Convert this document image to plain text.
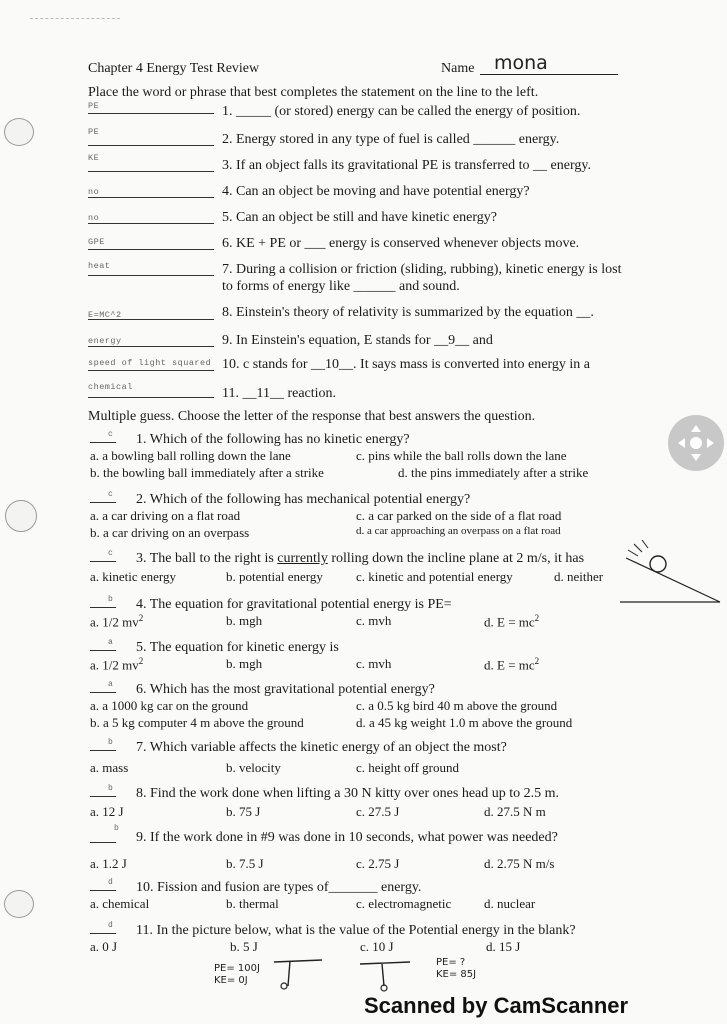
Chapter 4 Energy Test Review	Name	mona
Place the word or phrase that best completes the statement on the line to the left.
PE	1. _____ (or stored) energy can be called the energy of position.
PE	2. Energy stored in any type of fuel is called ______ energy.
KE	3. If an object falls its gravitational PE is transferred to __ energy.
no	4. Can an object be moving and have potential energy?
no	5. Can an object be still and have kinetic energy?
GPE	6. KE + PE or ___ energy is conserved whenever objects move.
heat	7. During a collision or friction (sliding, rubbing), kinetic energy is lost to forms of energy like ______ and sound.
E=MC^2	8. Einstein's theory of relativity is summarized by the equation __.
energy	9. In Einstein's equation, E stands for __9__ and
speed of light squared 10. c stands for __10__. It says mass is converted into energy in a
chemical	11. __11__ reaction.
Multiple guess. Choose the letter of the response that best answers the question.
c 1. Which of the following has no kinetic energy?
a. a bowling ball rolling down the lane	c. pins while the ball rolls down the lane
b. the bowling ball immediately after a strike	d. the pins immediately after a strike
c 2. Which of the following has mechanical potential energy?
a. a car driving on a flat road	c. a car parked on the side of a flat road
b. a car driving on an overpass	d. a car approaching an overpass on a flat road
c 3. The ball to the right is currently rolling down the incline plane at 2 m/s, it has
a. kinetic energy	b. potential energy	c. kinetic and potential energy	d. neither
b 4. The equation for gravitational potential energy is PE=
a. 1/2 $mv^2$	b. mgh	c. mvh	d. $E = mc^2$
a 5. The equation for kinetic energy is
a. 1/2 $mv^2$	b. mgh	c. mvh	d. $E = mc^2$
a 6. Which has the most gravitational potential energy?
a. a 1000 kg car on the ground	c. a 0.5 kg bird 40 m above the ground
b. a 5 kg computer 4 m above the ground	d. a 45 kg weight 1.0 m above the ground
b 7. Which variable affects the kinetic energy of an object the most?
a. mass	b. velocity	c. height off ground
b 8. Find the work done when lifting a 30 N kitty over ones head up to 2.5 m.
a. 12 J	b. 75 J	c. 27.5 J	d. 27.5 N m
b
9. If the work done in #9 was done in 10 seconds, what power was needed?
a. 1.2 J	b. 7.5 J	c. 2.75 J	d. 2.75 N m/s
d 10. Fission and fusion are types of_______ energy.
a. chemical	b. thermal	c. electromagnetic	d. nuclear
d 11. In the picture below, what is the value of the Potential energy in the blank?
a. 0 J	b. 5 J	c. 10 J	d. 15 J
PE= 100J
KE= 0J
PE= ?
KE= 85J
Scanned by CamScanner
